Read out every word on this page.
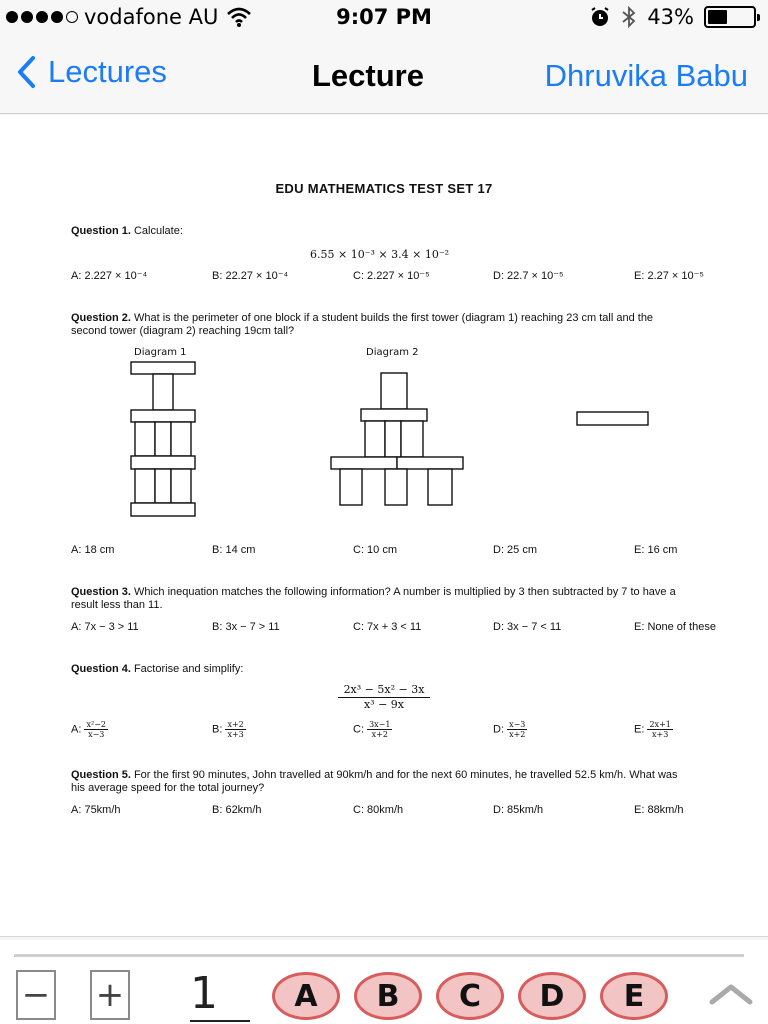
vodafone AU	9:07 PM	43%
Lectures	Lecture	Dhruvika Babu
EDU MATHEMATICS TEST SET 17
Question 1. Calculate:
6.55 × 10⁻³ × 3.4 × 10⁻²
A: 2.227 × 10⁻⁴	B: 22.27 × 10⁻⁴	C: 2.227 × 10⁻⁵	D: 22.7 × 10⁻⁵	E: 2.27 × 10⁻⁵
Question 2. What is the perimeter of one block if a student builds the first tower (diagram 1) reaching 23 cm tall and the second tower (diagram 2) reaching 19cm tall?
Diagram 1	Diagram 2
A: 18 cm	B: 14 cm	C: 10 cm	D: 25 cm	E: 16 cm
Question 3. Which inequation matches the following information? A number is multiplied by 3 then subtracted by 7 to have a result less than 11.
A: 7x − 3 > 11	B: 3x − 7 > 11	C: 7x + 3 < 11	D: 3x − 7 < 11	E: None of these
Question 4. Factorise and simplify:
$\frac{\text{2x³ − 5x² − 3x}}{\text{x³ − 9x}}$
A: $\frac{\text{x²−2}}{x-3}$	B: $\frac{x+2}{x+3}$	C: $\frac{3x-1}{x+2}$	D: $\frac{x-3}{x+2}$	E: $\frac{2x+1}{x+3}$
Question 5. For the first 90 minutes, John travelled at 90km/h and for the next 60 minutes, he travelled 52.5 km/h. What was his average speed for the total journey?
A: 75km/h	B: 62km/h	C: 80km/h	D: 85km/h	E: 88km/h
− + 1	A	B	C	D	E
